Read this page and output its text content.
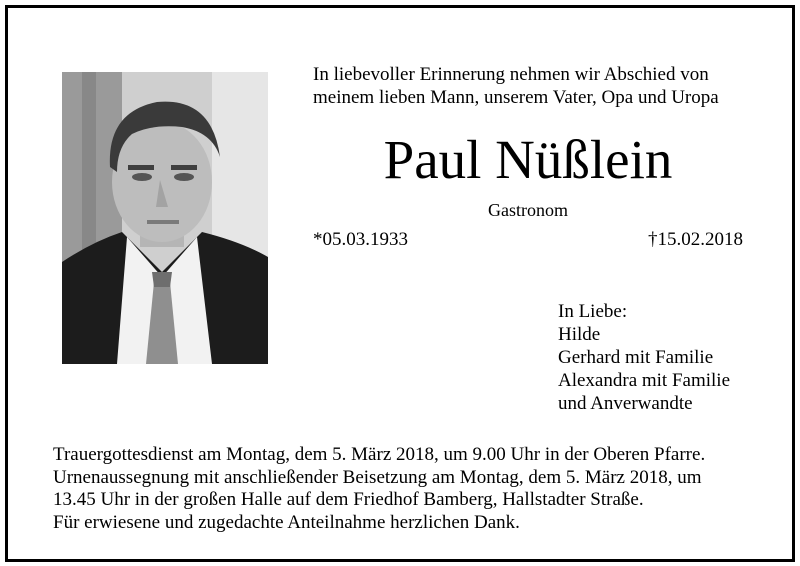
In liebevoller Erinnerung nehmen wir Abschied von
meinem lieben Mann, unserem Vater, Opa und Uropa
Paul Nüßlein
Gastronom
*05.03.1933	†15.02.2018
In Liebe:
Hilde
Gerhard mit Familie
Alexandra mit Familie
und Anverwandte
Trauergottesdienst am Montag, dem 5. März 2018, um 9.00 Uhr in der Oberen Pfarre.
Urnenaussegnung mit anschließender Beisetzung am Montag, dem 5. März 2018, um
13.45 Uhr in der großen Halle auf dem Friedhof Bamberg, Hallstadter Straße.
Für erwiesene und zugedachte Anteilnahme herzlichen Dank.
